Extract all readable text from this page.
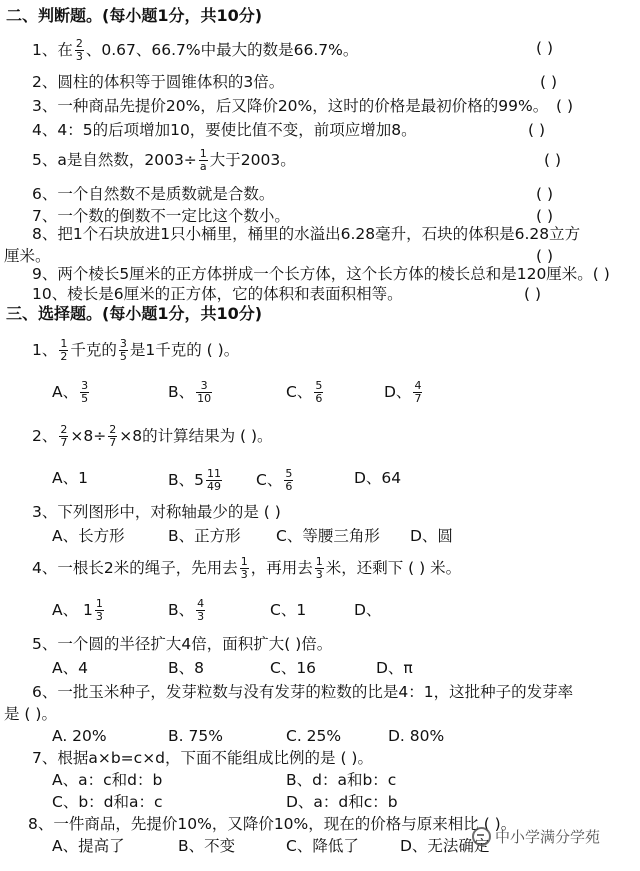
二、判断题。(每小题1分，共10分)
1、在 $\frac{2}{3}$ 、0.67、66.7%中最大的数是66.7%。	( )
2、圆柱的体积等于圆锥体积的3倍。	( )
3、一种商品先提价20%，后又降价20%，这时的价格是最初价格的99%。 ( )
4、4：5的后项增加10，要使比值不变，前项应增加8。	( )
5、a是自然数，$2003\div \frac{1}{a}$ 大于2003。	( )
6、一个自然数不是质数就是合数。	( )
7、一个数的倒数不一定比这个数小。	( )
8、把1个石块放进1只小桶里，桶里的水溢出6.28毫升，石块的体积是6.28立方
厘米。	( )
9、两个棱长5厘米的正方体拼成一个长方体，这个长方体的棱长总和是120厘米。( )
10、棱长是6厘米的正方体，它的体积和表面积相等。	( )
三、选择题。(每小题1分，共10分)
1、 $\frac{1}{2}$ 千克的 $\frac{3}{5}$ 是1千克的 ( )。
A、 $\frac{3}{5}$	B、 $\frac{3}{10}$	C、 $\frac{5}{6}$	D、 $\frac{4}{7}$
2、 $\frac{2}{7} \times 8\div \frac{2}{7} \times 8$的计算结果为 ( )。
A、1	B、$5 \frac{11}{49}$ C、 $\frac{5}{6}$	D、64
3、下列图形中，对称轴最少的是 ( )
A、长方形	B、正方形 C、等腰三角形 D、圆
4、一根长2米的绳子，先用去 $\frac{1}{3}$ ，再用去 $\frac{1}{3}$ 米，还剩下 ( ) 米。
A、 $1 \frac{1}{3}$	B、 $\frac{4}{3}$	C、1	D、
5、一个圆的半径扩大4倍，面积扩大( )倍。
A、4	B、8	C、16	D、π
6、一批玉米种子，发芽粒数与没有发芽的粒数的比是4：1，这批种子的发芽率
是 ( )。
A. 20%	B. 75%	C. 25%	D. 80%
7、根据a×b=c×d，下面不能组成比例的是 ( )。
A、a：c和d：b	B、d：a和b：c
C、b：d和a：c	D、a：d和c：b
8、一件商品，先提价10%，又降价10%，现在的价格与原来相比 ( )。
A、提高了	B、不变	C、降低了	D、无法确定 中小学满分学苑
